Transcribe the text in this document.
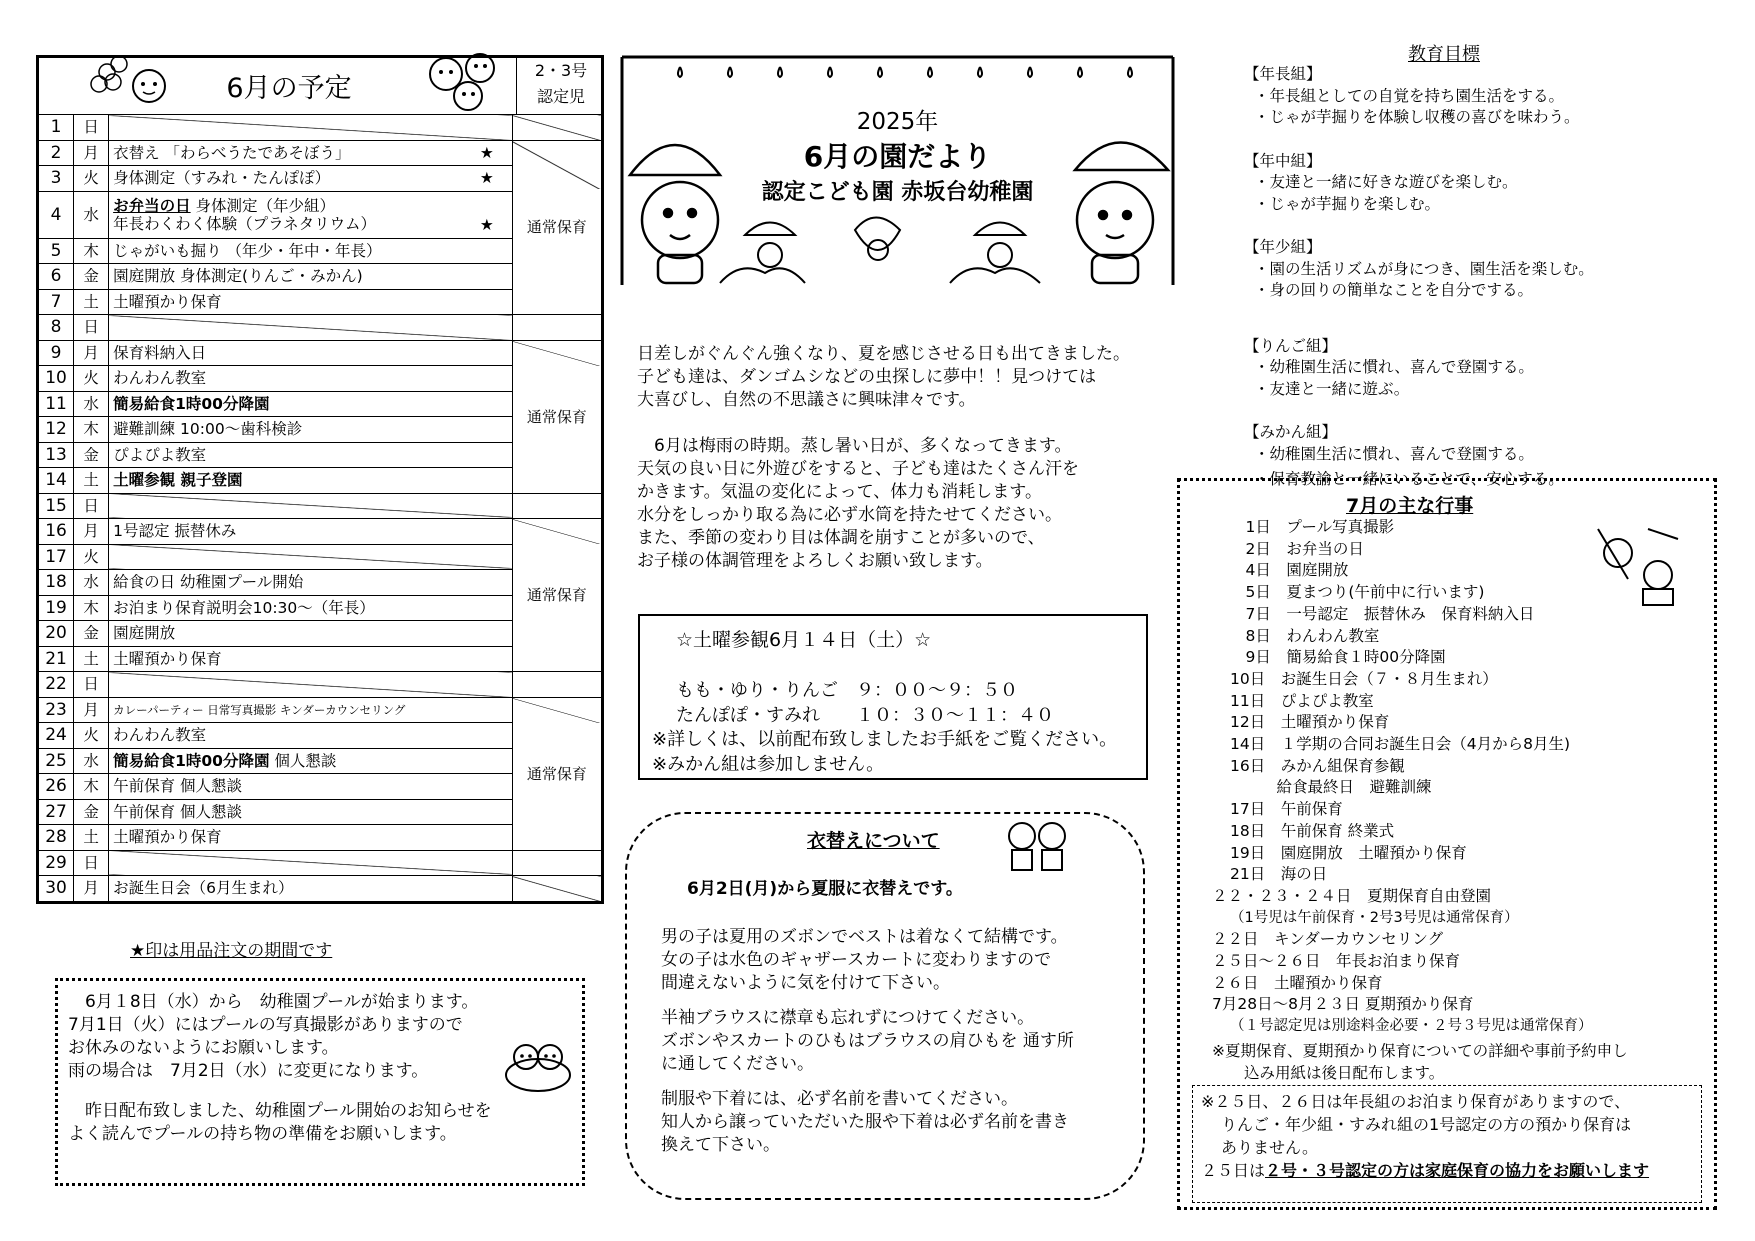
6月の予定
2・3号
認定児
1	日		
2	月	衣替え 「わらべうたであそぼう」 ★	通常保育
3	火	身体測定（すみれ・たんぽぽ） ★	

4	水	お弁当の日 身体測定（年少組）
年長わくわく体験（プラネタリウム） ★	

5	木	じゃがいも掘り （年少・年中・年長）	
6	金	園庭開放 身体測定(りんご・みかん)	
7	土	土曜預かり保育	
8	日		
9	月	保育料納入日	通常保育
10	火	わんわん教室	
11	水	簡易給食1時00分降園	
12	木	避難訓練 10:00～歯科検診	
13	金	ぴよぴよ教室	
14	土	土曜参観 親子登園	
15	日		
16	月	1号認定 振替休み	通常保育
17	火		
18	水	給食の日 幼稚園プール開始	
19	木	お泊まり保育説明会10:30～（年長）	
20	金	園庭開放	
21	土	土曜預かり保育	
22	日		
23	月	カレーパーティー 日常写真撮影 キンダーカウンセリング	通常保育
24	火	わんわん教室	
25	水	簡易給食1時00分降園 個人懇談	
26	木	午前保育 個人懇談	
27	金	午前保育 個人懇談	
28	土	土曜預かり保育	
29	日		
30	月	お誕生日会（6月生まれ）	
★印は用品注文の期間です
　6月１8日（水）から　幼稚園プールが始まります。
7月1日（火）にはプールの写真撮影がありますので
お休みのないようにお願いします。
雨の場合は　7月2日（水）に変更になります。
　昨日配布致しました、幼稚園プール開始のお知らせを
よく読んでプールの持ち物の準備をお願いします。
2025年
6月の園だより
認定こども園 赤坂台幼稚園
日差しがぐんぐん強くなり、夏を感じさせる日も出てきました。
子ども達は、ダンゴムシなどの虫探しに夢中！！見つけては
大喜びし、自然の不思議さに興味津々です。
　6月は梅雨の時期。蒸し暑い日が、多くなってきます。
天気の良い日に外遊びをすると、子ども達はたくさん汗を
かきます。気温の変化によって、体力も消耗します。
水分をしっかり取る為に必ず水筒を持たせてください。
また、季節の変わり目は体調を崩すことが多いので、
お子様の体調管理をよろしくお願い致します。
☆土曜参観6月１４日（土）☆
もも・ゆり・りんご　９：００～９：５０
たんぽぽ・すみれ　　１０：３０～１１：４０
※詳しくは、以前配布致しましたお手紙をご覧ください。
※みかん組は参加しません。
衣替えについて
6月2日(月)から夏服に衣替えです。
男の子は夏用のズボンでベストは着なくて結構です。
女の子は水色のギャザースカートに変わりますので
間違えないように気を付けて下さい。
半袖ブラウスに襟章も忘れずにつけてください。
ズボンやスカートのひもはブラウスの肩ひもを 通す所
に通してください。
制服や下着には、必ず名前を書いてください。
知人から譲っていただいた服や下着は必ず名前を書き
換えて下さい。
教育目標
【年長組】
・年長組としての自覚を持ち園生活をする。
・じゃが芋掘りを体験し収穫の喜びを味わう。
【年中組】
・友達と一緒に好きな遊びを楽しむ。
・じゃが芋掘りを楽しむ。
【年少組】
・園の生活リズムが身につき、園生活を楽しむ。
・身の回りの簡単なことを自分でする。
【りんご組】
・幼稚園生活に慣れ、喜んで登園する。
・友達と一緒に遊ぶ。
【みかん組】
・幼稚園生活に慣れ、喜んで登園する。
・保育教諭と一緒にいることで、安心する。
7月の主な行事
　1日　プール写真撮影
　2日　お弁当の日
　4日　園庭開放
　5日　夏まつり(午前中に行います)
　7日　一号認定　振替休み　保育料納入日
　8日　わんわん教室
　9日　簡易給食１時00分降園
10日　お誕生日会（７・８月生まれ）
11日　ぴよぴよ教室
12日　土曜預かり保育
14日　１学期の合同お誕生日会（4月から8月生)
16日　みかん組保育参観
　　　給食最終日　避難訓練
17日　午前保育
18日　午前保育 終業式
19日　園庭開放　土曜預かり保育
21日　海の日
２２・２３・２４日　夏期保育自由登園
（1号児は午前保育・2号3号児は通常保育）
２２日　キンダーカウンセリング
２５日～２６日　年長お泊まり保育
２６日　土曜預かり保育
7月28日～8月２３日 夏期預かり保育
（１号認定児は別途料金必要・２号３号児は通常保育）
※夏期保育、夏期預かり保育についての詳細や事前予約申し
込み用紙は後日配布します。
※２５日、２６日は年長組のお泊まり保育がありますので、
りんご・年少組・すみれ組の1号認定の方の預かり保育は
ありません。
２５日は２号・３号認定の方は家庭保育の協力をお願いします
